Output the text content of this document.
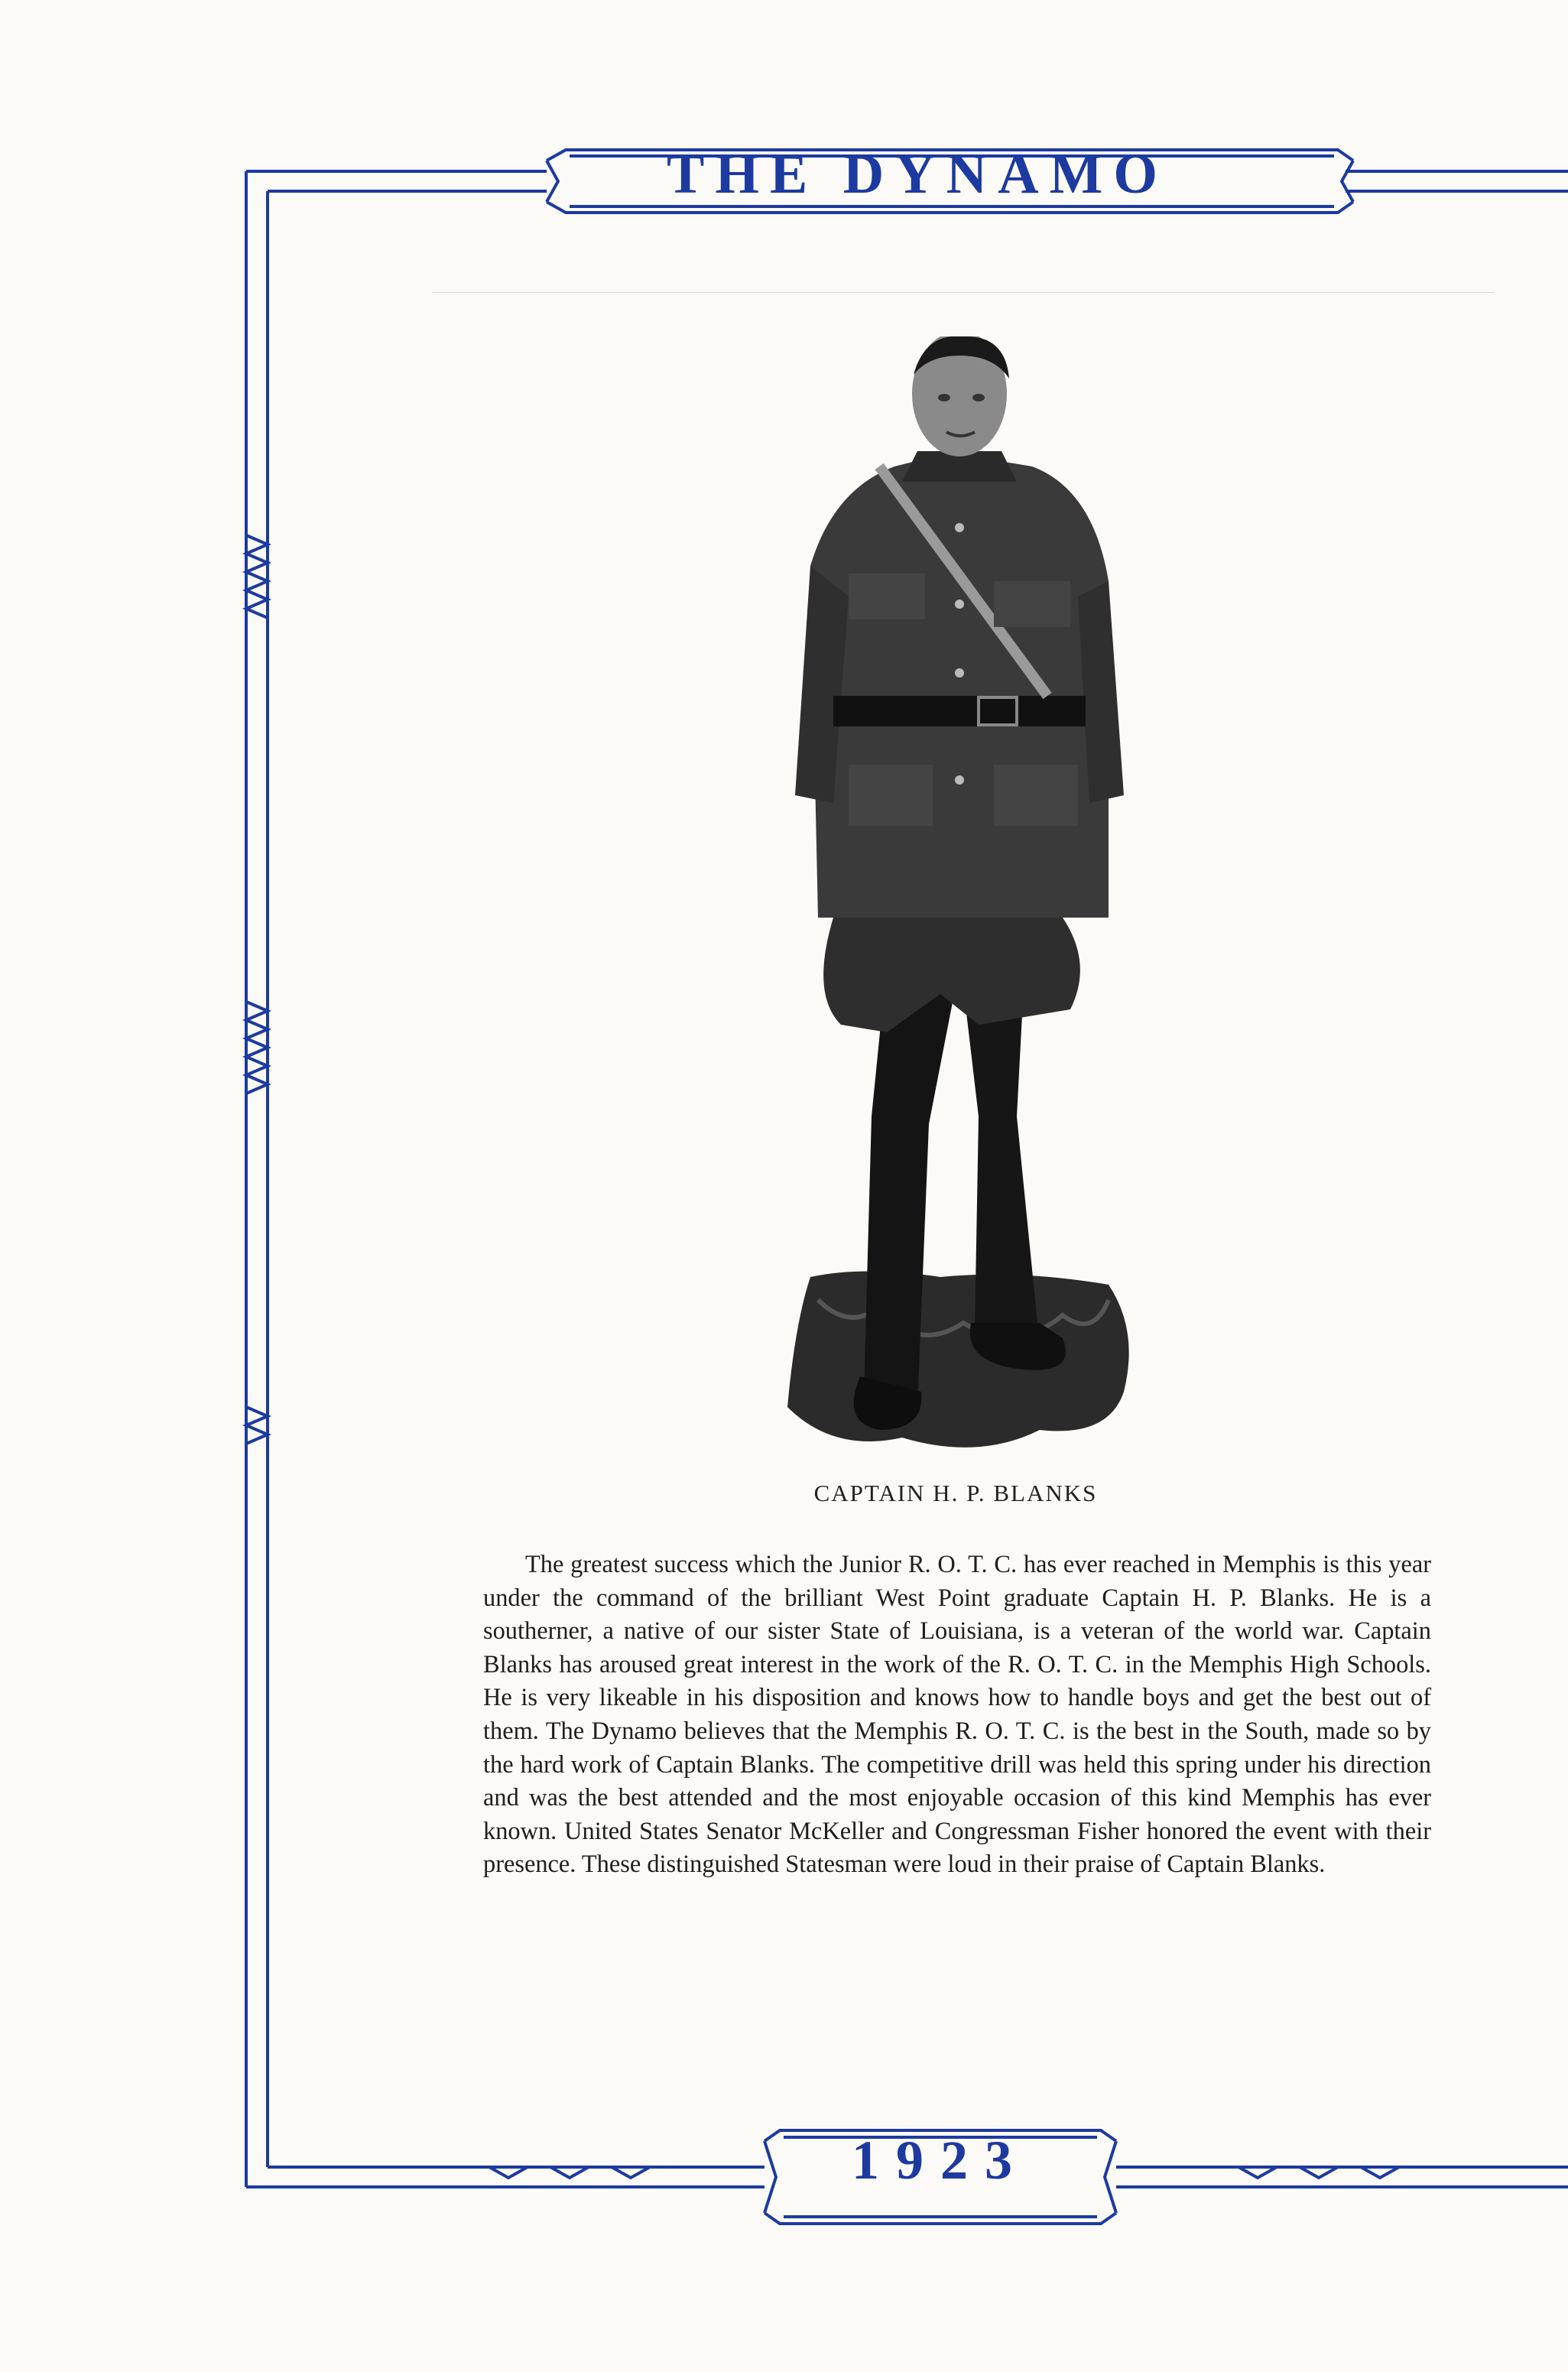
THE DYNAMO
CAPTAIN H. P. BLANKS

The greatest success which the Junior R. O. T. C. has ever reached in Memphis is this year under the command of the brilliant West Point graduate Captain H. P. Blanks. He is a southerner, a native of our sister State of Louisiana, is a veteran of the world war. Captain Blanks has aroused great interest in the work of the R. O. T. C. in the Memphis High Schools. He is very likeable in his disposition and knows how to handle boys and get the best out of them. The Dynamo believes that the Memphis R. O. T. C. is the best in the South, made so by the hard work of Captain Blanks. The competitive drill was held this spring under his direction and was the best attended and the most enjoyable occasion of this kind Memphis has ever known. United States Senator McKeller and Congressman Fisher honored the event with their presence. These distinguished Statesman were loud in their praise of Captain Blanks.

1923
